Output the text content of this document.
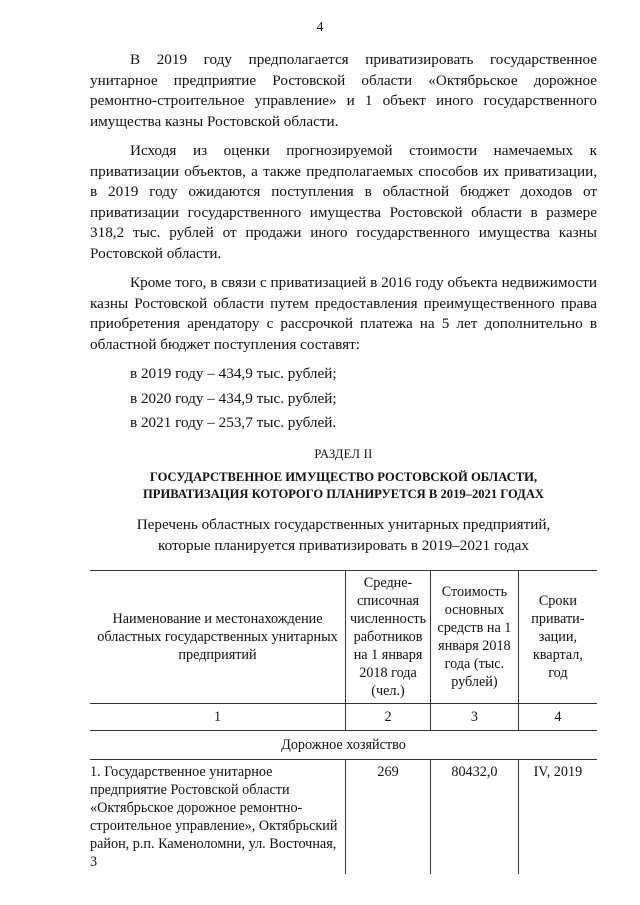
4

В 2019 году предполагается приватизировать государственное унитарное предприятие Ростовской области «Октябрьское дорожное ремонтно-строительное управление» и 1 объект иного государственного имущества казны Ростовской области.

Исходя из оценки прогнозируемой стоимости намечаемых к приватизации объектов, а также предполагаемых способов их приватизации, в 2019 году ожидаются поступления в областной бюджет доходов от приватизации государственного имущества Ростовской области в размере 318,2 тыс. рублей от продажи иного государственного имущества казны Ростовской области.

Кроме того, в связи с приватизацией в 2016 году объекта недвижимости казны Ростовской области путем предоставления преимущественного права приобретения арендатору с рассрочкой платежа на 5 лет дополнительно в областной бюджет поступления составят:

в 2019 году – 434,9 тыс. рублей;
в 2020 году – 434,9 тыс. рублей;
в 2021 году – 253,7 тыс. рублей.
РАЗДЕЛ II
ГОСУДАРСТВЕННОЕ ИМУЩЕСТВО РОСТОВСКОЙ ОБЛАСТИ,
ПРИВАТИЗАЦИЯ КОТОРОГО ПЛАНИРУЕТСЯ В 2019–2021 ГОДАХ
Перечень областных государственных унитарных предприятий,
которые планируется приватизировать в 2019–2021 годах
Наименование и местонахождение областных государственных унитарных предприятий	Средне-списочная численность работников на 1 января 2018 года (чел.)	Стоимость основных средств на 1 января 2018 года (тыс. рублей)	Сроки привати-зации, квартал, год
1	2	3	4
Дорожное хозяйство			
1. Государственное унитарное предприятие Ростовской области «Октябрьское дорожное ремонтно-строительное управление», Октябрьский район, р.п. Каменоломни, ул. Восточная, 3	269	80432,0	IV, 2019
